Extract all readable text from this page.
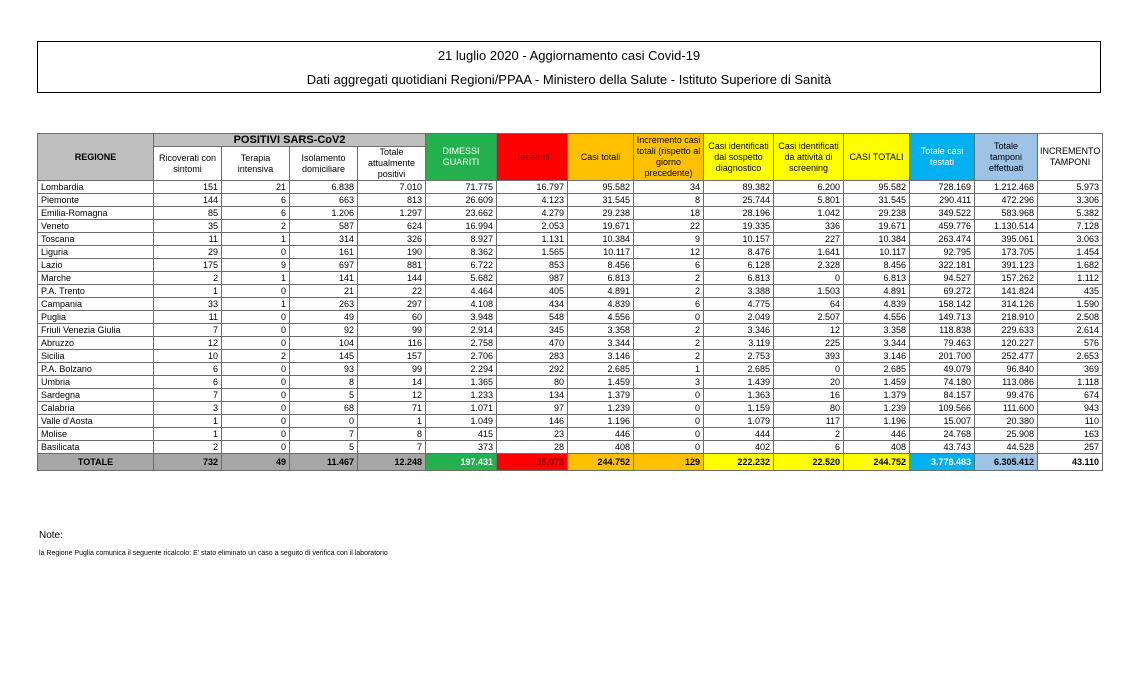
21 luglio 2020 - Aggiornamento casi Covid-19
Dati aggregati quotidiani Regioni/PPAA - Ministero della Salute - Istituto Superiore di Sanità
REGIONE	POSITIVI SARS-CoV2				DIMESSI GUARITI	Deceduti	Casi totali	Incremento casi totali (rispetto al giorno precedente)	Casi identificati dal sospetto diagnostico	Casi identificati da attività di screening	CASI TOTALI	Totale casi testati	Totale tamponi effettuati	INCREMENTO TAMPONI
	Ricoverati con sintomi	Terapia intensiva	Isolamento domiciliare	Totale attualmente positivi										
Lombardia	151	21	6.838	7.010	71.775	16.797	95.582	34	89.382	6.200	95.582	728.169	1.212.468	5.973
Piemonte	144	6	663	813	26.609	4.123	31.545	8	25.744	5.801	31.545	290.411	472.296	3.306
Emilia-Romagna	85	6	1.206	1.297	23.662	4.279	29.238	18	28.196	1.042	29.238	349.522	583.968	5.382
Veneto	35	2	587	624	16.994	2.053	19.671	22	19.335	336	19.671	459.776	1.130.514	7.128
Toscana	11	1	314	326	8.927	1.131	10.384	9	10.157	227	10.384	263.474	395.061	3.063
Liguria	29	0	161	190	8.362	1.565	10.117	12	8.476	1.641	10.117	92.795	173.705	1.454
Lazio	175	9	697	881	6.722	853	8.456	6	6.128	2.328	8.456	322.181	391.123	1.682
Marche	2	1	141	144	5.682	987	6.813	2	6.813	0	6.813	94.527	157.262	1.112
P.A. Trento	1	0	21	22	4.464	405	4.891	2	3.388	1.503	4.891	69.272	141.824	435
Campania	33	1	263	297	4.108	434	4.839	6	4.775	64	4.839	158.142	314.126	1.590
Puglia	11	0	49	60	3.948	548	4.556	0	2.049	2.507	4.556	149.713	218.910	2.508
Friuli Venezia Giulia	7	0	92	99	2.914	345	3.358	2	3.346	12	3.358	118.838	229.633	2.614
Abruzzo	12	0	104	116	2.758	470	3.344	2	3.119	225	3.344	79.463	120.227	576
Sicilia	10	2	145	157	2.706	283	3.146	2	2.753	393	3.146	201.700	252.477	2.653
P.A. Bolzano	6	0	93	99	2.294	292	2.685	1	2.685	0	2.685	49.079	96.840	369
Umbria	6	0	8	14	1.365	80	1.459	3	1.439	20	1.459	74.180	113.086	1.118
Sardegna	7	0	5	12	1.233	134	1.379	0	1.363	16	1.379	84.157	99.476	674
Calabria	3	0	68	71	1.071	97	1.239	0	1.159	80	1.239	109.566	111.600	943
Valle d'Aosta	1	0	0	1	1.049	146	1.196	0	1.079	117	1.196	15.007	20.380	110
Molise	1	0	7	8	415	23	446	0	444	2	446	24.768	25.908	163
Basilicata	2	0	5	7	373	28	408	0	402	6	408	43.743	44.528	257
TOTALE	732	49	11.467	12.248	197.431	35.073	244.752	129	222.232	22.520	244.752	3.778.483	6.305.412	43.110
Note:
la Regione Puglia comunica il seguente ricalcolo: E' stato eliminato un caso a seguito di verifica con il laboratorio
